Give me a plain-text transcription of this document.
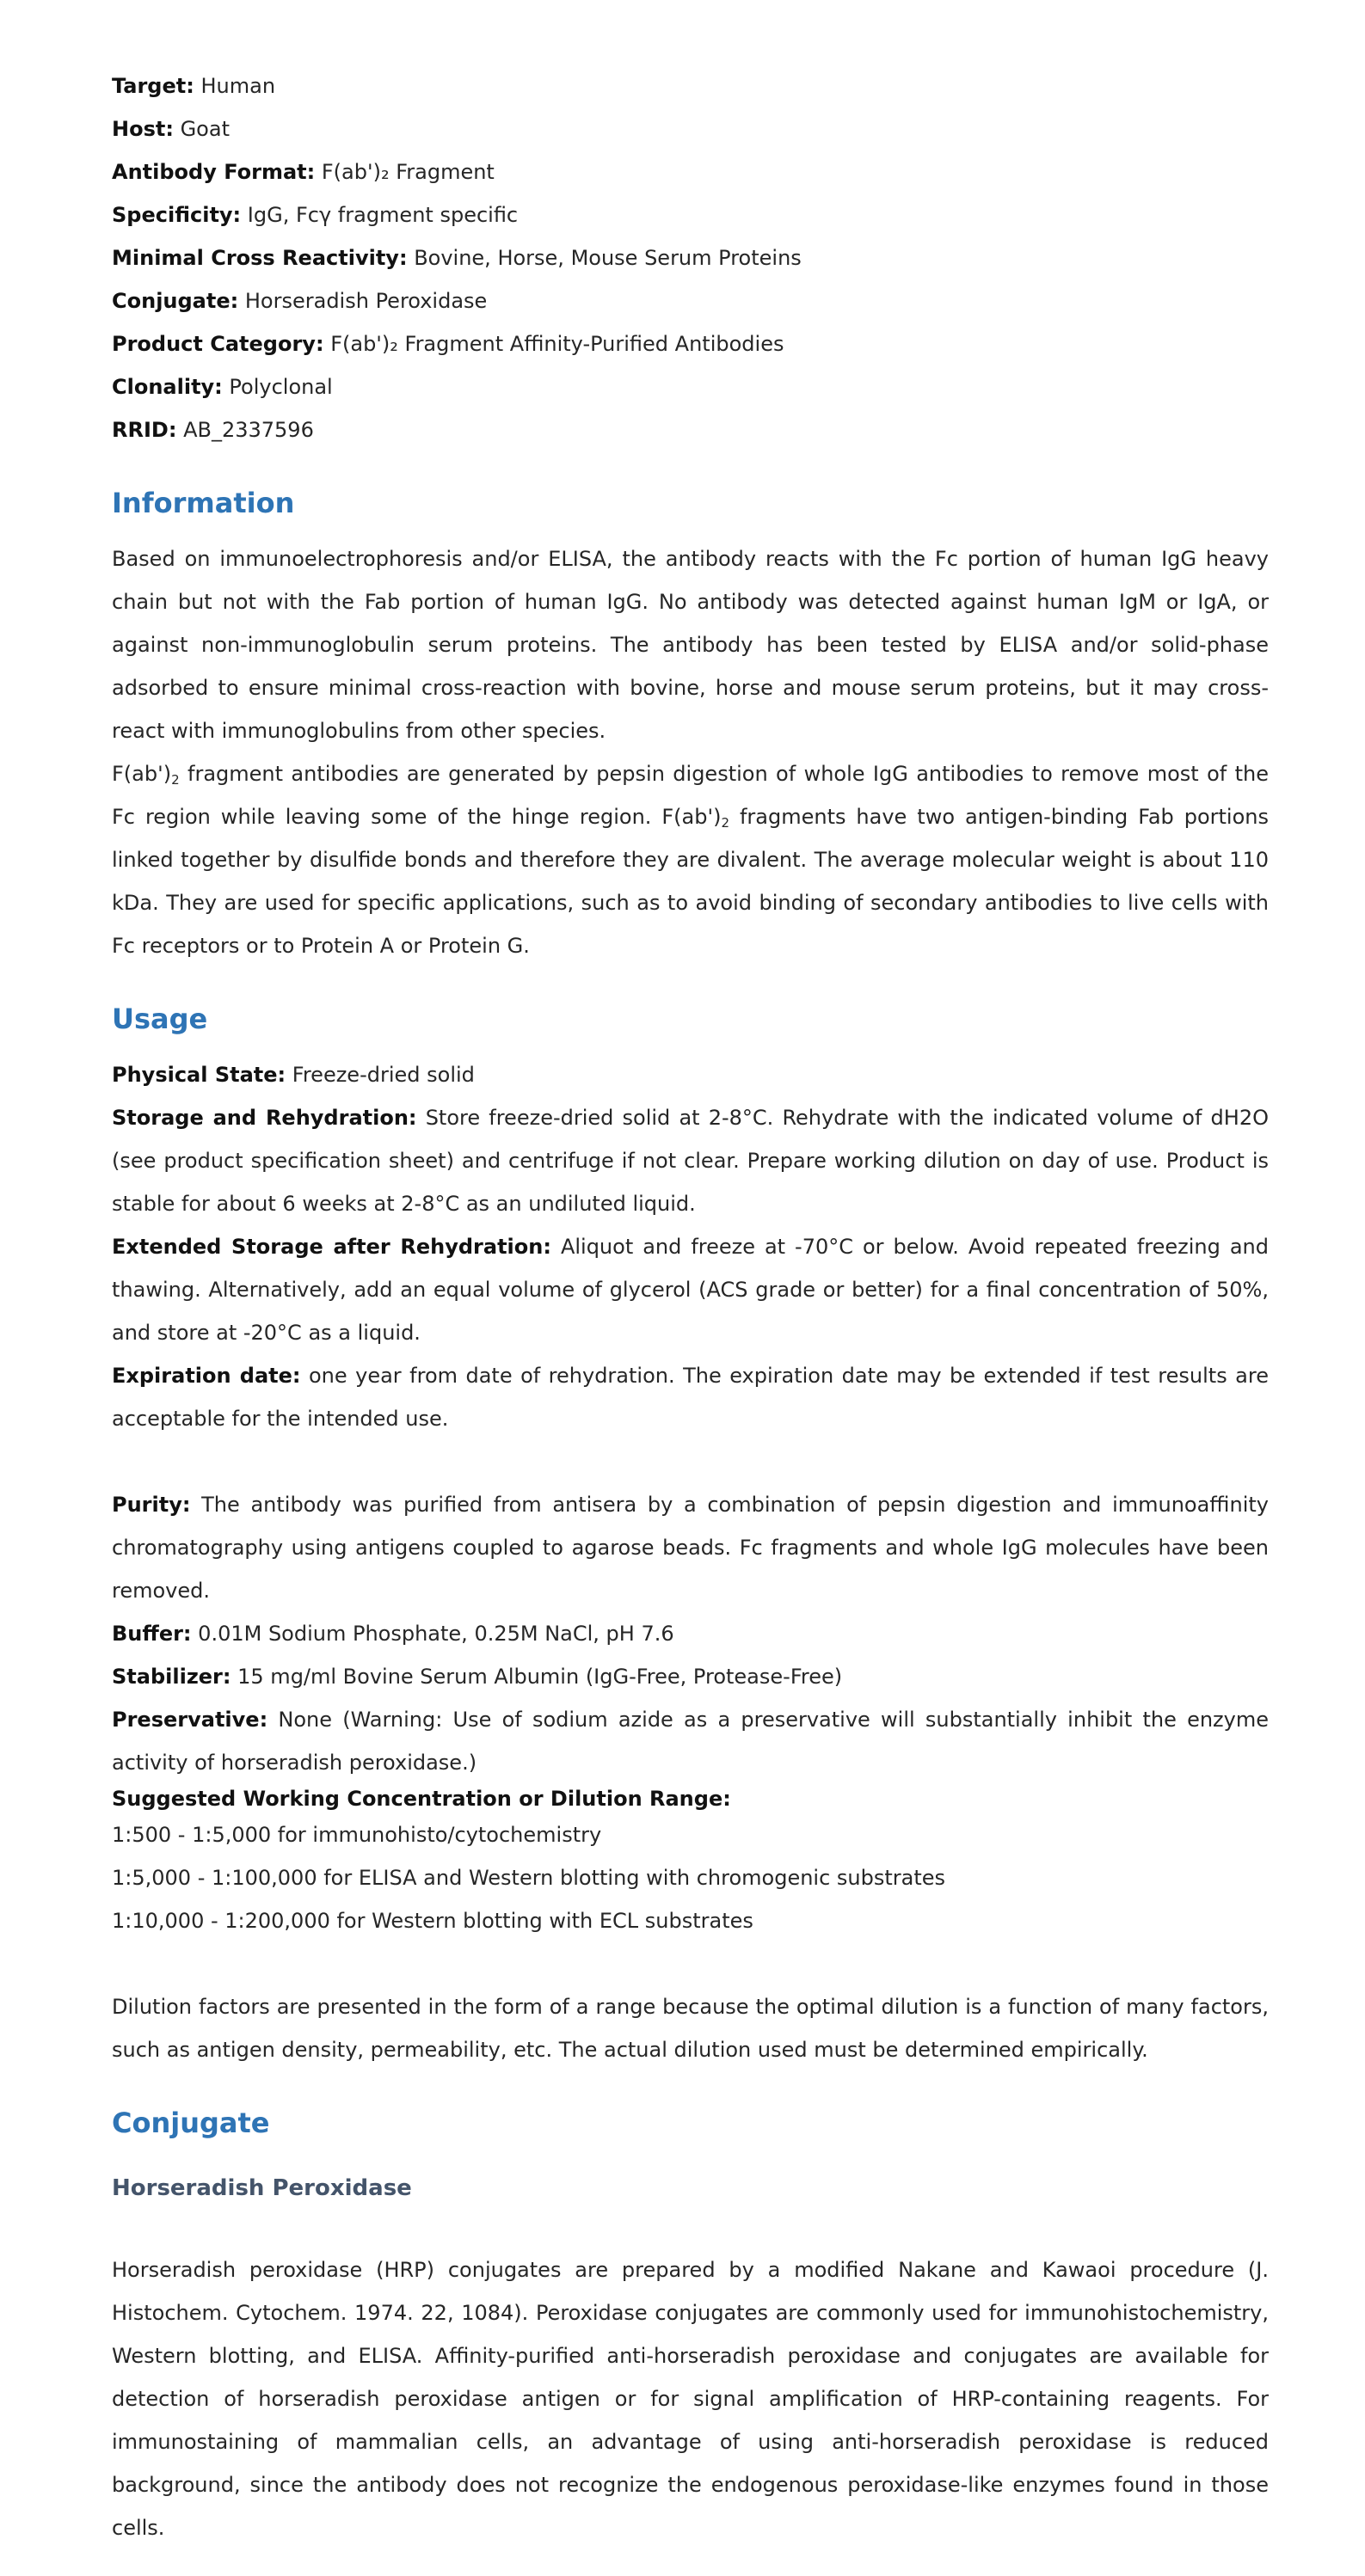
Target: Human

Host: Goat

Antibody Format: F(ab')₂ Fragment

Specificity: IgG, Fcγ fragment specific

Minimal Cross Reactivity: Bovine, Horse, Mouse Serum Proteins

Conjugate: Horseradish Peroxidase

Product Category: F(ab')₂ Fragment Affinity-Purified Antibodies

Clonality: Polyclonal

RRID: AB_2337596

Information

Based on immunoelectrophoresis and/or ELISA, the antibody reacts with the Fc portion of human IgG heavy chain but not with the Fab portion of human IgG. No antibody was detected against human IgM or IgA, or against non-immunoglobulin serum proteins. The antibody has been tested by ELISA and/or solid-phase adsorbed to ensure minimal cross-reaction with bovine, horse and mouse serum proteins, but it may cross-react with immunoglobulins from other species.

$F(ab')_2$ fragment antibodies are generated by pepsin digestion of whole IgG antibodies to remove most of the Fc region while leaving some of the hinge region. $F(ab')_2$ fragments have two antigen-binding Fab portions linked together by disulfide bonds and therefore they are divalent. The average molecular weight is about 110 kDa. They are used for specific applications, such as to avoid binding of secondary antibodies to live cells with Fc receptors or to Protein A or Protein G.

Usage

Physical State: Freeze-dried solid

Storage and Rehydration: Store freeze-dried solid at 2-8°C. Rehydrate with the indicated volume of dH2O (see product specification sheet) and centrifuge if not clear. Prepare working dilution on day of use. Product is stable for about 6 weeks at 2-8°C as an undiluted liquid.

Extended Storage after Rehydration: Aliquot and freeze at -70°C or below. Avoid repeated freezing and thawing. Alternatively, add an equal volume of glycerol (ACS grade or better) for a final concentration of 50%, and store at -20°C as a liquid.

Expiration date: one year from date of rehydration. The expiration date may be extended if test results are acceptable for the intended use.

Purity: The antibody was purified from antisera by a combination of pepsin digestion and immunoaffinity chromatography using antigens coupled to agarose beads. Fc fragments and whole IgG molecules have been removed.

Buffer: 0.01M Sodium Phosphate, 0.25M NaCl, pH 7.6

Stabilizer: 15 mg/ml Bovine Serum Albumin (IgG-Free, Protease-Free)

Preservative: None (Warning: Use of sodium azide as a preservative will substantially inhibit the enzyme activity of horseradish peroxidase.)

Suggested Working Concentration or Dilution Range:

1:500 - 1:5,000 for immunohisto/cytochemistry

1:5,000 - 1:100,000 for ELISA and Western blotting with chromogenic substrates

1:10,000 - 1:200,000 for Western blotting with ECL substrates

Dilution factors are presented in the form of a range because the optimal dilution is a function of many factors, such as antigen density, permeability, etc. The actual dilution used must be determined empirically.

Conjugate
Horseradish Peroxidase

Horseradish peroxidase (HRP) conjugates are prepared by a modified Nakane and Kawaoi procedure (J. Histochem. Cytochem. 1974. 22, 1084). Peroxidase conjugates are commonly used for immunohistochemistry, Western blotting, and ELISA. Affinity-purified anti-horseradish peroxidase and conjugates are available for detection of horseradish peroxidase antigen or for signal amplification of HRP-containing reagents. For immunostaining of mammalian cells, an advantage of using anti-horseradish peroxidase is reduced background, since the antibody does not recognize the endogenous peroxidase-like enzymes found in those cells.
